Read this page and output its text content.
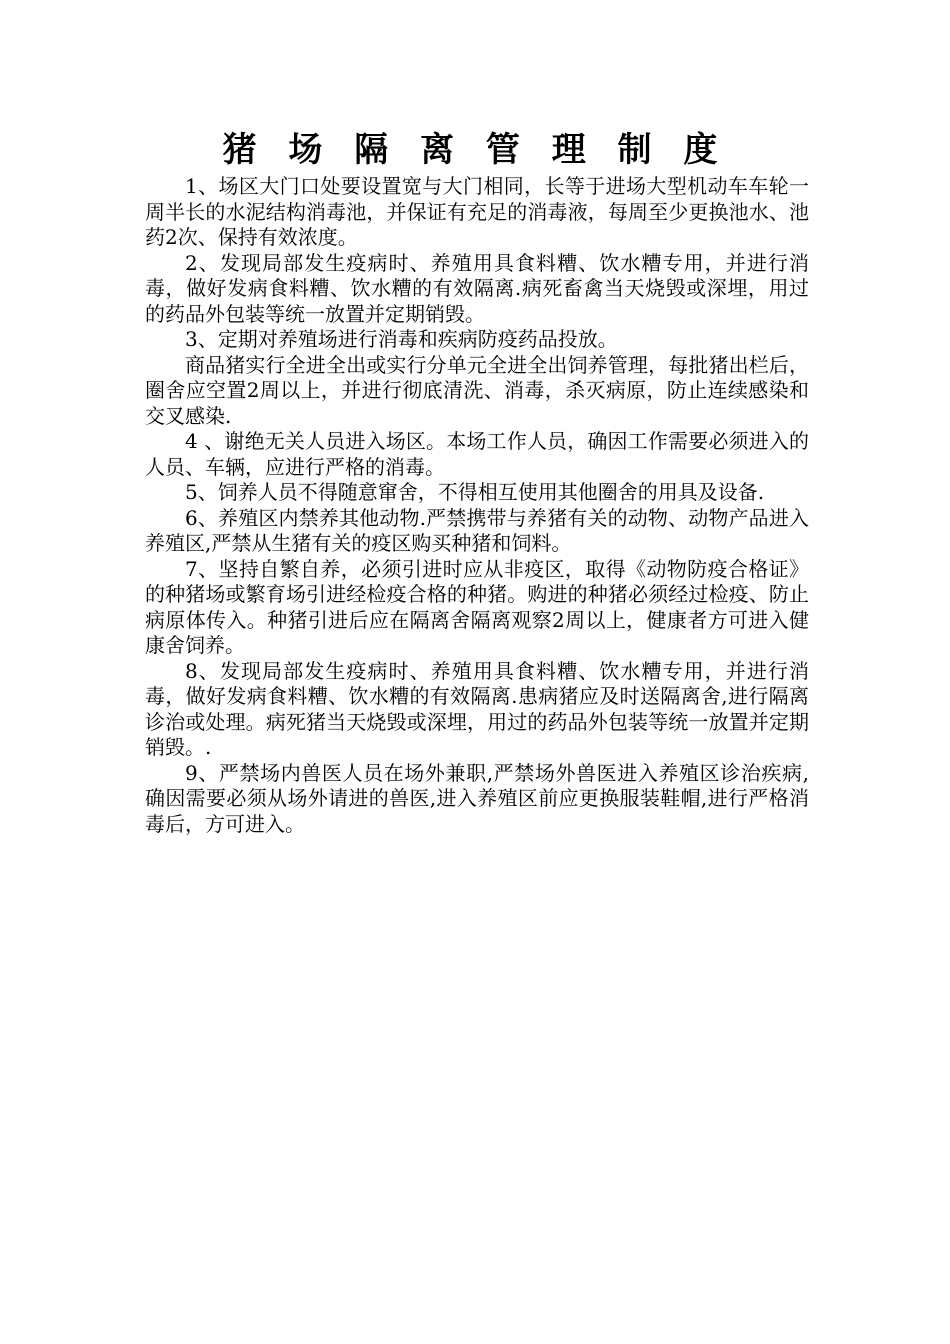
猪 场 隔 离 管 理 制 度

1、场区大门口处要设置宽与大门相同，长等于进场大型机动车车轮一周半长的水泥结构消毒池，并保证有充足的消毒液，每周至少更换池水、池药2次、保持有效浓度。

2、发现局部发生疫病时、养殖用具食料糟、饮水糟专用，并进行消毒，做好发病食料糟、饮水糟的有效隔离.病死畜禽当天烧毁或深埋，用过的药品外包装等统一放置并定期销毁。

3、定期对养殖场进行消毒和疾病防疫药品投放。

商品猪实行全进全出或实行分单元全进全出饲养管理，每批猪出栏后，圈舍应空置2周以上，并进行彻底清洗、消毒，杀灭病原，防止连续感染和交叉感染.

4 、谢绝无关人员进入场区。本场工作人员，确因工作需要必须进入的人员、车辆，应进行严格的消毒。

5、饲养人员不得随意窜舍，不得相互使用其他圈舍的用具及设备.

6、养殖区内禁养其他动物.严禁携带与养猪有关的动物、动物产品进入养殖区,严禁从生猪有关的疫区购买种猪和饲料。

7、坚持自繁自养，必须引进时应从非疫区，取得《动物防疫合格证》的种猪场或繁育场引进经检疫合格的种猪。购进的种猪必须经过检疫、防止病原体传入。种猪引进后应在隔离舍隔离观察2周以上，健康者方可进入健康舍饲养。

8、发现局部发生疫病时、养殖用具食料糟、饮水糟专用，并进行消毒，做好发病食料糟、饮水糟的有效隔离.患病猪应及时送隔离舍,进行隔离诊治或处理。病死猪当天烧毁或深埋，用过的药品外包装等统一放置并定期销毁。.

9、严禁场内兽医人员在场外兼职,严禁场外兽医进入养殖区诊治疾病,确因需要必须从场外请进的兽医,进入养殖区前应更换服装鞋帽,进行严格消毒后，方可进入。
